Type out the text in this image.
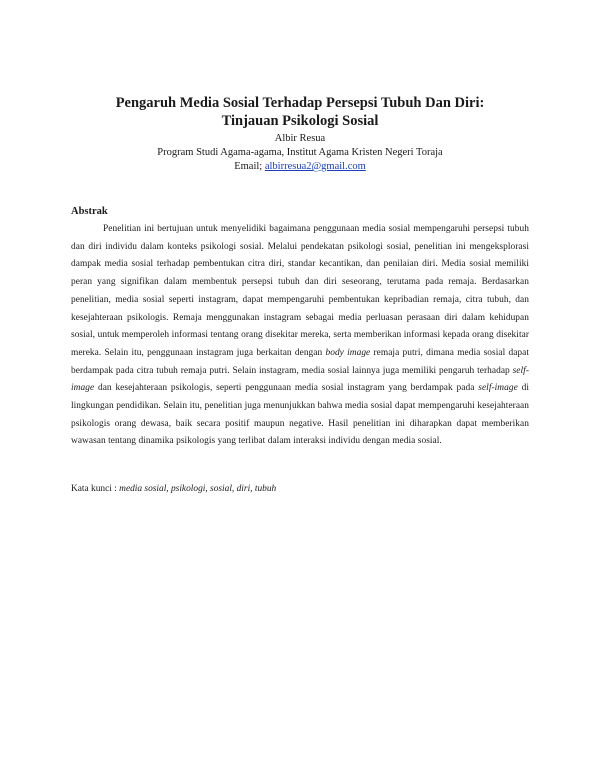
Pengaruh Media Sosial Terhadap Persepsi Tubuh Dan Diri:
Tinjauan Psikologi Sosial
Albir Resua
Program Studi Agama-agama, Institut Agama Kristen Negeri Toraja
Email; albirresua2@gmail.com
Abstrak

Penelitian ini bertujuan untuk menyelidiki bagaimana penggunaan media sosial mempengaruhi persepsi tubuh dan diri individu dalam konteks psikologi sosial. Melalui pendekatan psikologi sosial, penelitian ini mengeksplorasi dampak media sosial terhadap pembentukan citra diri, standar kecantikan, dan penilaian diri. Media sosial memiliki peran yang signifikan dalam membentuk persepsi tubuh dan diri seseorang, terutama pada remaja. Berdasarkan penelitian, media sosial seperti instagram, dapat mempengaruhi pembentukan kepribadian remaja, citra tubuh, dan kesejahteraan psikologis. Remaja menggunakan instagram sebagai media perluasan perasaan diri dalam kehidupan sosial, untuk memperoleh informasi tentang orang disekitar mereka, serta memberikan informasi kepada orang disekitar mereka. Selain itu, penggunaan instagram juga berkaitan dengan body image remaja putri, dimana media sosial dapat berdampak pada citra tubuh remaja putri. Selain instagram, media sosial lainnya juga memiliki pengaruh terhadap self-image dan kesejahteraan psikologis, seperti penggunaan media sosial instagram yang berdampak pada self-image di lingkungan pendidikan. Selain itu, penelitian juga menunjukkan bahwa media sosial dapat mempengaruhi kesejahteraan psikologis orang dewasa, baik secara positif maupun negative. Hasil penelitian ini diharapkan dapat memberikan wawasan tentang dinamika psikologis yang terlibat dalam interaksi individu dengan media sosial.

Kata kunci : media sosial, psikologi, sosial, diri, tubuh
